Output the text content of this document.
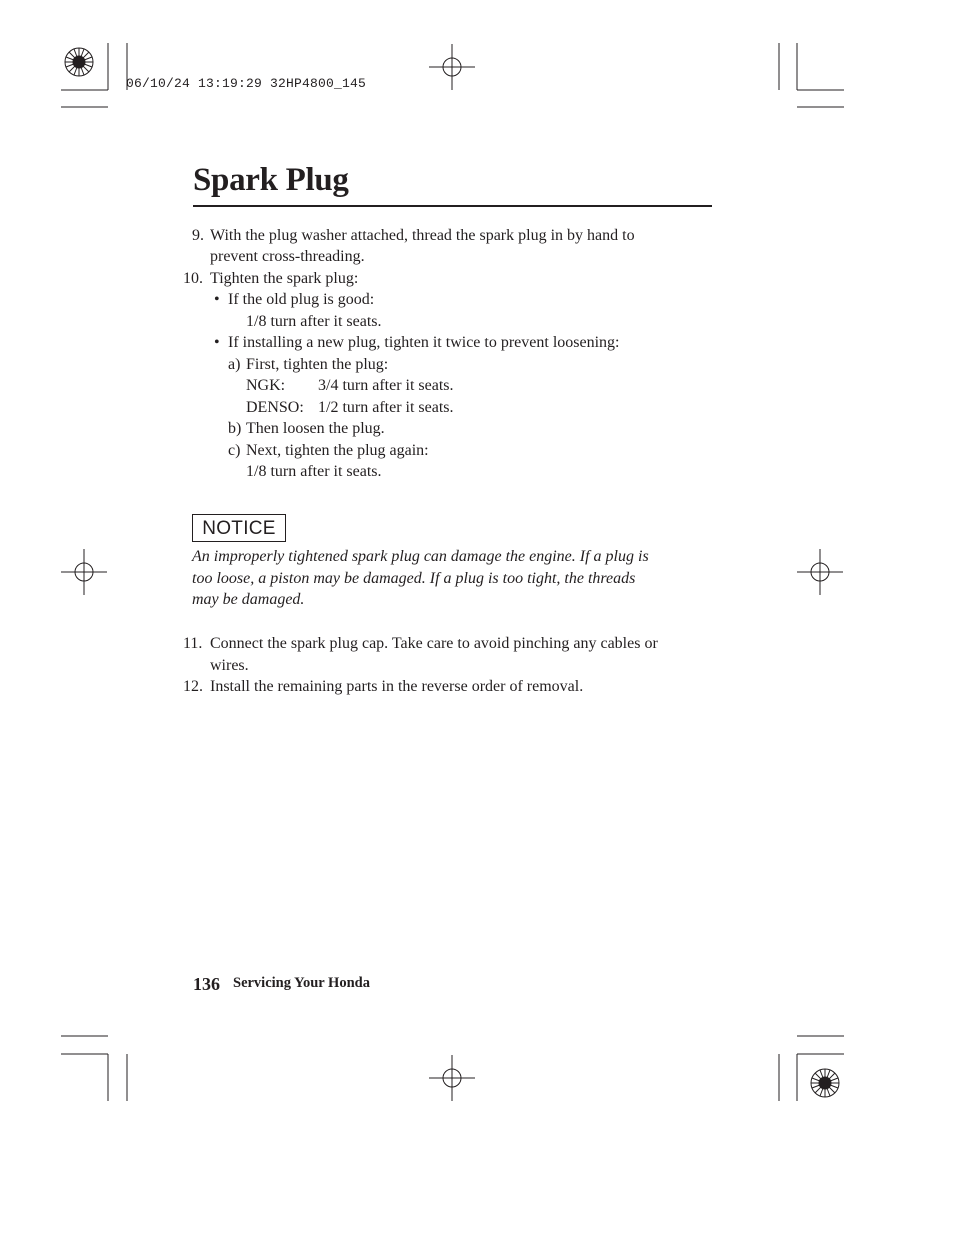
06/10/24 13:19:29 32HP4800_145
Spark Plug
9. With the plug washer attached, thread the spark plug in by hand to
prevent cross-threading.
10. Tighten the spark plug:
• If the old plug is good:
1/8 turn after it seats.
• If installing a new plug, tighten it twice to prevent loosening:
a) First, tighten the plug:
NGK: 3/4 turn after it seats.
DENSO: 1/2 turn after it seats.
b) Then loosen the plug.
c) Next, tighten the plug again:
1/8 turn after it seats.
NOTICE

An improperly tightened spark plug can damage the engine. If a plug is

too loose, a piston may be damaged. If a plug is too tight, the threads

may be damaged.

11. Connect the spark plug cap. Take care to avoid pinching any cables or
wires.
12. Install the remaining parts in the reverse order of removal.
136 Servicing Your Honda
